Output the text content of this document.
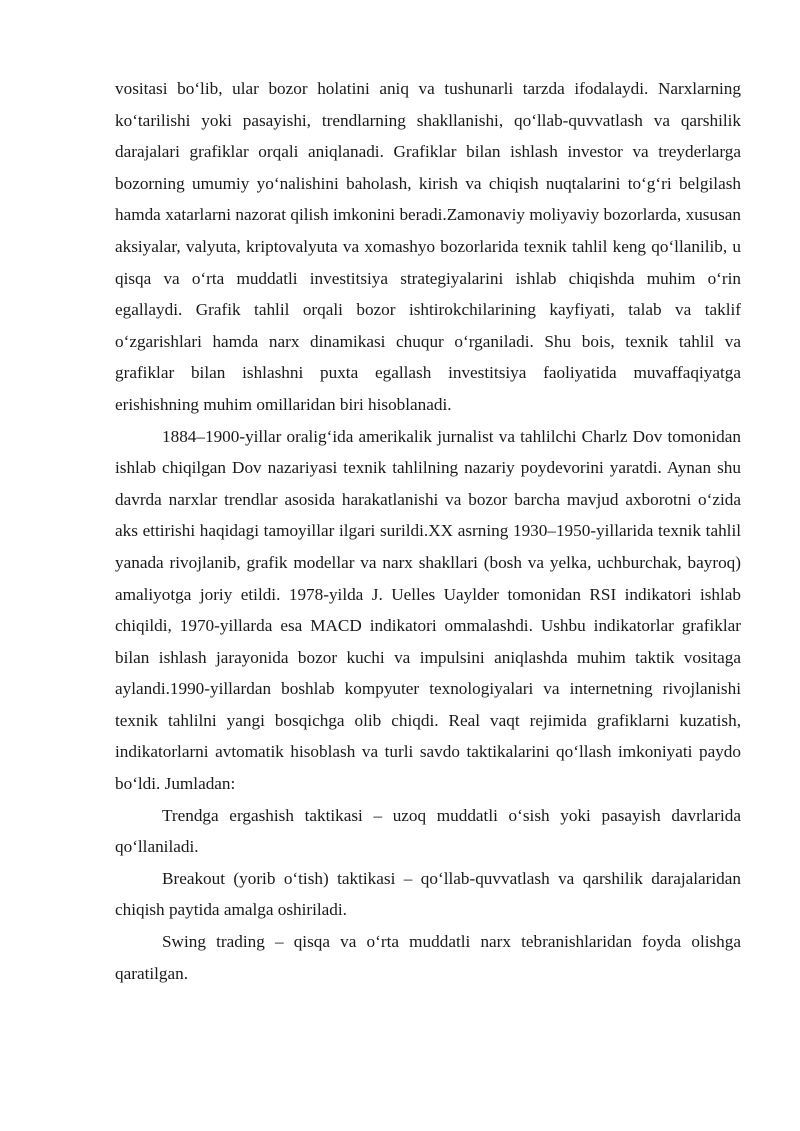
vositasi bo‘lib, ular bozor holatini aniq va tushunarli tarzda ifodalaydi. Narxlarning ko‘tarilishi yoki pasayishi, trendlarning shakllanishi, qo‘llab-quvvatlash va qarshilik darajalari grafiklar orqali aniqlanadi. Grafiklar bilan ishlash investor va treyderlarga bozorning umumiy yo‘nalishini baholash, kirish va chiqish nuqtalarini to‘g‘ri belgilash hamda xatarlarni nazorat qilish imkonini beradi.Zamonaviy moliyaviy bozorlarda, xususan aksiyalar, valyuta, kriptovalyuta va xomashyo bozorlarida texnik tahlil keng qo‘llanilib, u qisqa va o‘rta muddatli investitsiya strategiyalarini ishlab chiqishda muhim o‘rin egallaydi. Grafik tahlil orqali bozor ishtirokchilarining kayfiyati, talab va taklif o‘zgarishlari hamda narx dinamikasi chuqur o‘rganiladi. Shu bois, texnik tahlil va grafiklar bilan ishlashni puxta egallash investitsiya faoliyatida muvaffaqiyatga erishishning muhim omillaridan biri hisoblanadi.

1884–1900-yillar oralig‘ida amerikalik jurnalist va tahlilchi Charlz Dov tomonidan ishlab chiqilgan Dov nazariyasi texnik tahlilning nazariy poydevorini yaratdi. Aynan shu davrda narxlar trendlar asosida harakatlanishi va bozor barcha mavjud axborotni o‘zida aks ettirishi haqidagi tamoyillar ilgari surildi.XX asrning 1930–1950-yillarida texnik tahlil yanada rivojlanib, grafik modellar va narx shakllari (bosh va yelka, uchburchak, bayroq) amaliyotga joriy etildi. 1978-yilda J. Uelles Uaylder tomonidan RSI indikatori ishlab chiqildi, 1970-yillarda esa MACD indikatori ommalashdi. Ushbu indikatorlar grafiklar bilan ishlash jarayonida bozor kuchi va impulsini aniqlashda muhim taktik vositaga aylandi.1990-yillardan boshlab kompyuter texnologiyalari va internetning rivojlanishi texnik tahlilni yangi bosqichga olib chiqdi. Real vaqt rejimida grafiklarni kuzatish, indikatorlarni avtomatik hisoblash va turli savdo taktikalarini qo‘llash imkoniyati paydo bo‘ldi. Jumladan:

Trendga ergashish taktikasi – uzoq muddatli o‘sish yoki pasayish davrlarida qo‘llaniladi.

Breakout (yorib o‘tish) taktikasi – qo‘llab-quvvatlash va qarshilik darajalaridan chiqish paytida amalga oshiriladi.

Swing trading – qisqa va o‘rta muddatli narx tebranishlaridan foyda olishga qaratilgan.
